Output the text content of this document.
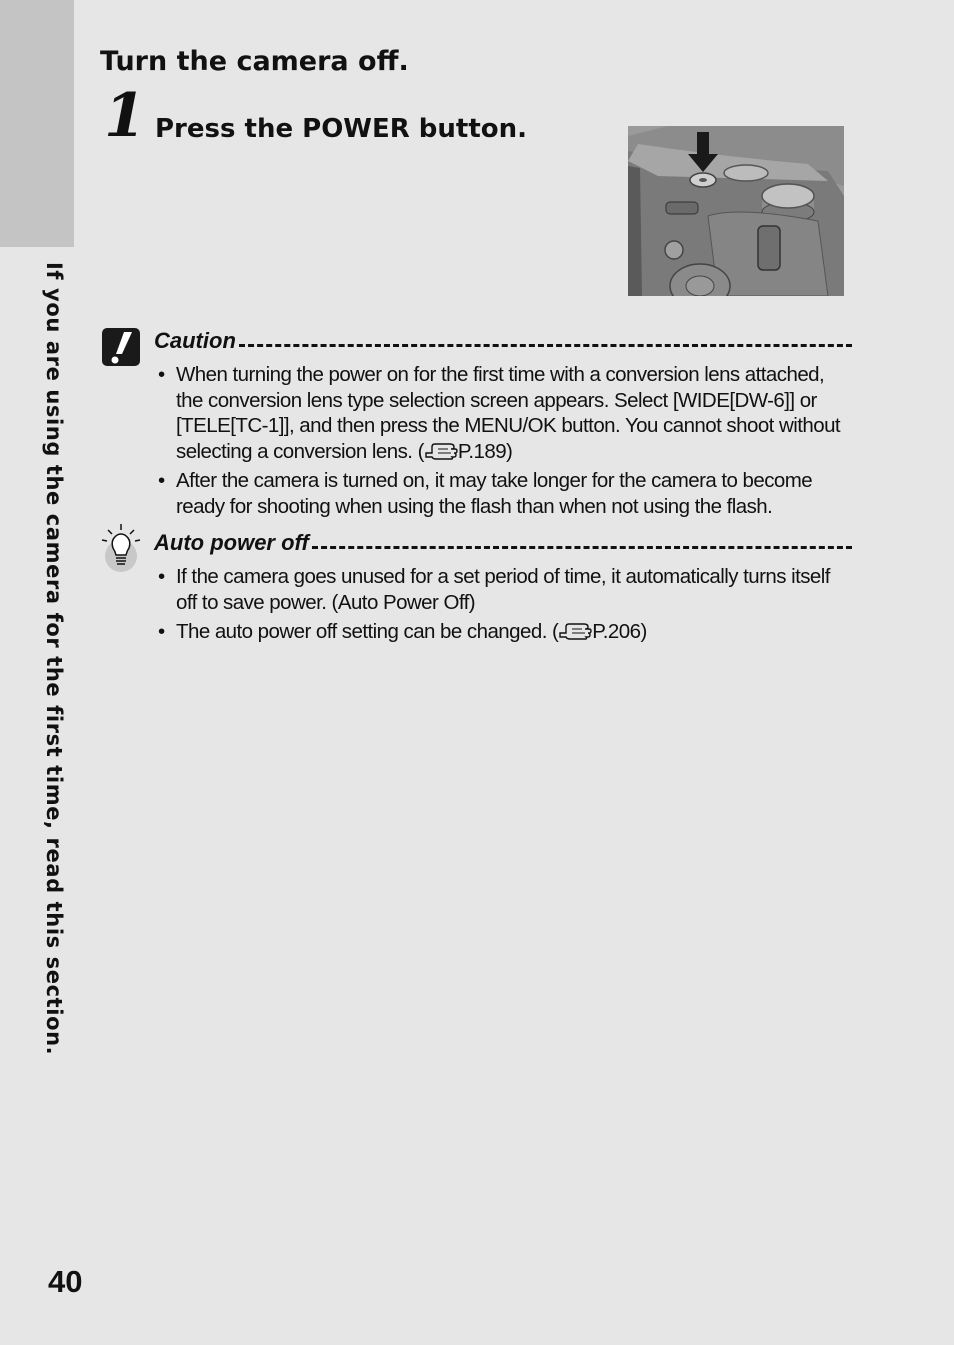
If you are using the camera for the first time, read this section.
Turn the camera off.
1 Press the POWER button.
Caution
• When turning the power on for the first time with a conversion lens attached, the conversion lens type selection screen appears. Select [WIDE[DW-6]] or [TELE[TC-1]], and then press the MENU/OK button. You cannot shoot without selecting a conversion lens. ( P.189)
• After the camera is turned on, it may take longer for the camera to become ready for shooting when using the flash than when not using the flash.
Auto power off
• If the camera goes unused for a set period of time, it automatically turns itself off to save power. (Auto Power Off)
• The auto power off setting can be changed. ( P.206)
40
